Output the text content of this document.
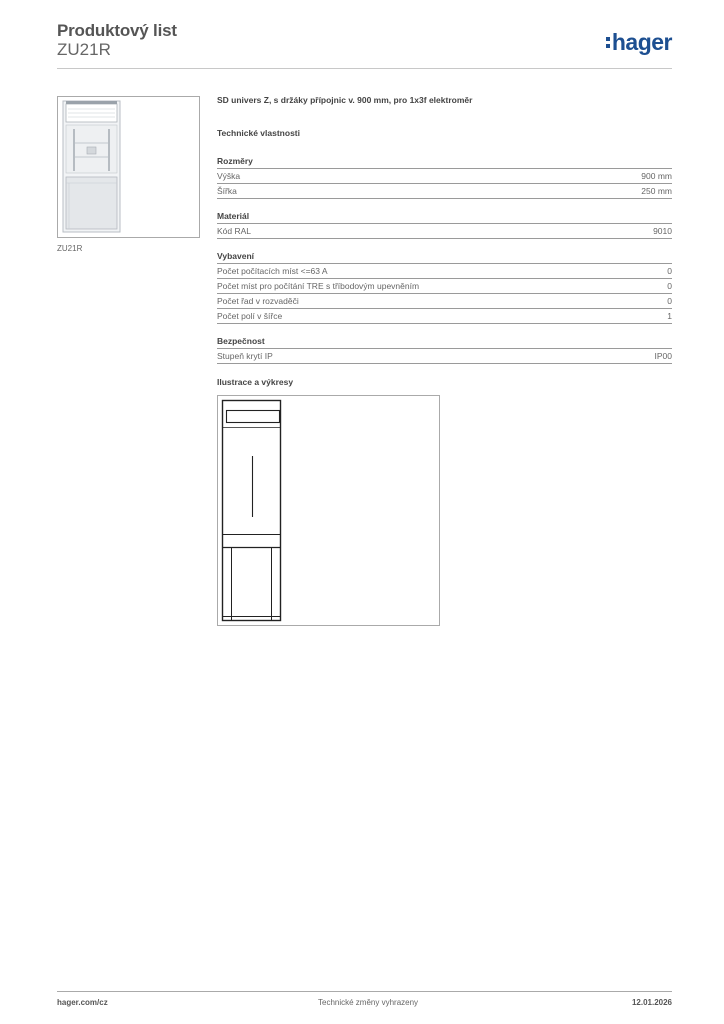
Produktový list
ZU21R	hager
ZU21R
SD univers Z, s držáky přípojnic v. 900 mm, pro 1x3f elektroměr
Technické vlastnosti
Rozměry
Výška	900 mm
Šířka	250 mm
Materiál
Kód RAL	9010
Vybavení
Počet počítacích míst <=63 A	0
Počet míst pro počítání TRE s tříbodovým upevněním	0
Počet řad v rozvaděči	0
Počet polí v šířce	1
Bezpečnost
Stupeň krytí IP	IP00
Ilustrace a výkresy
hager.com/cz	Technické změny vyhrazeny	12.01.2026
